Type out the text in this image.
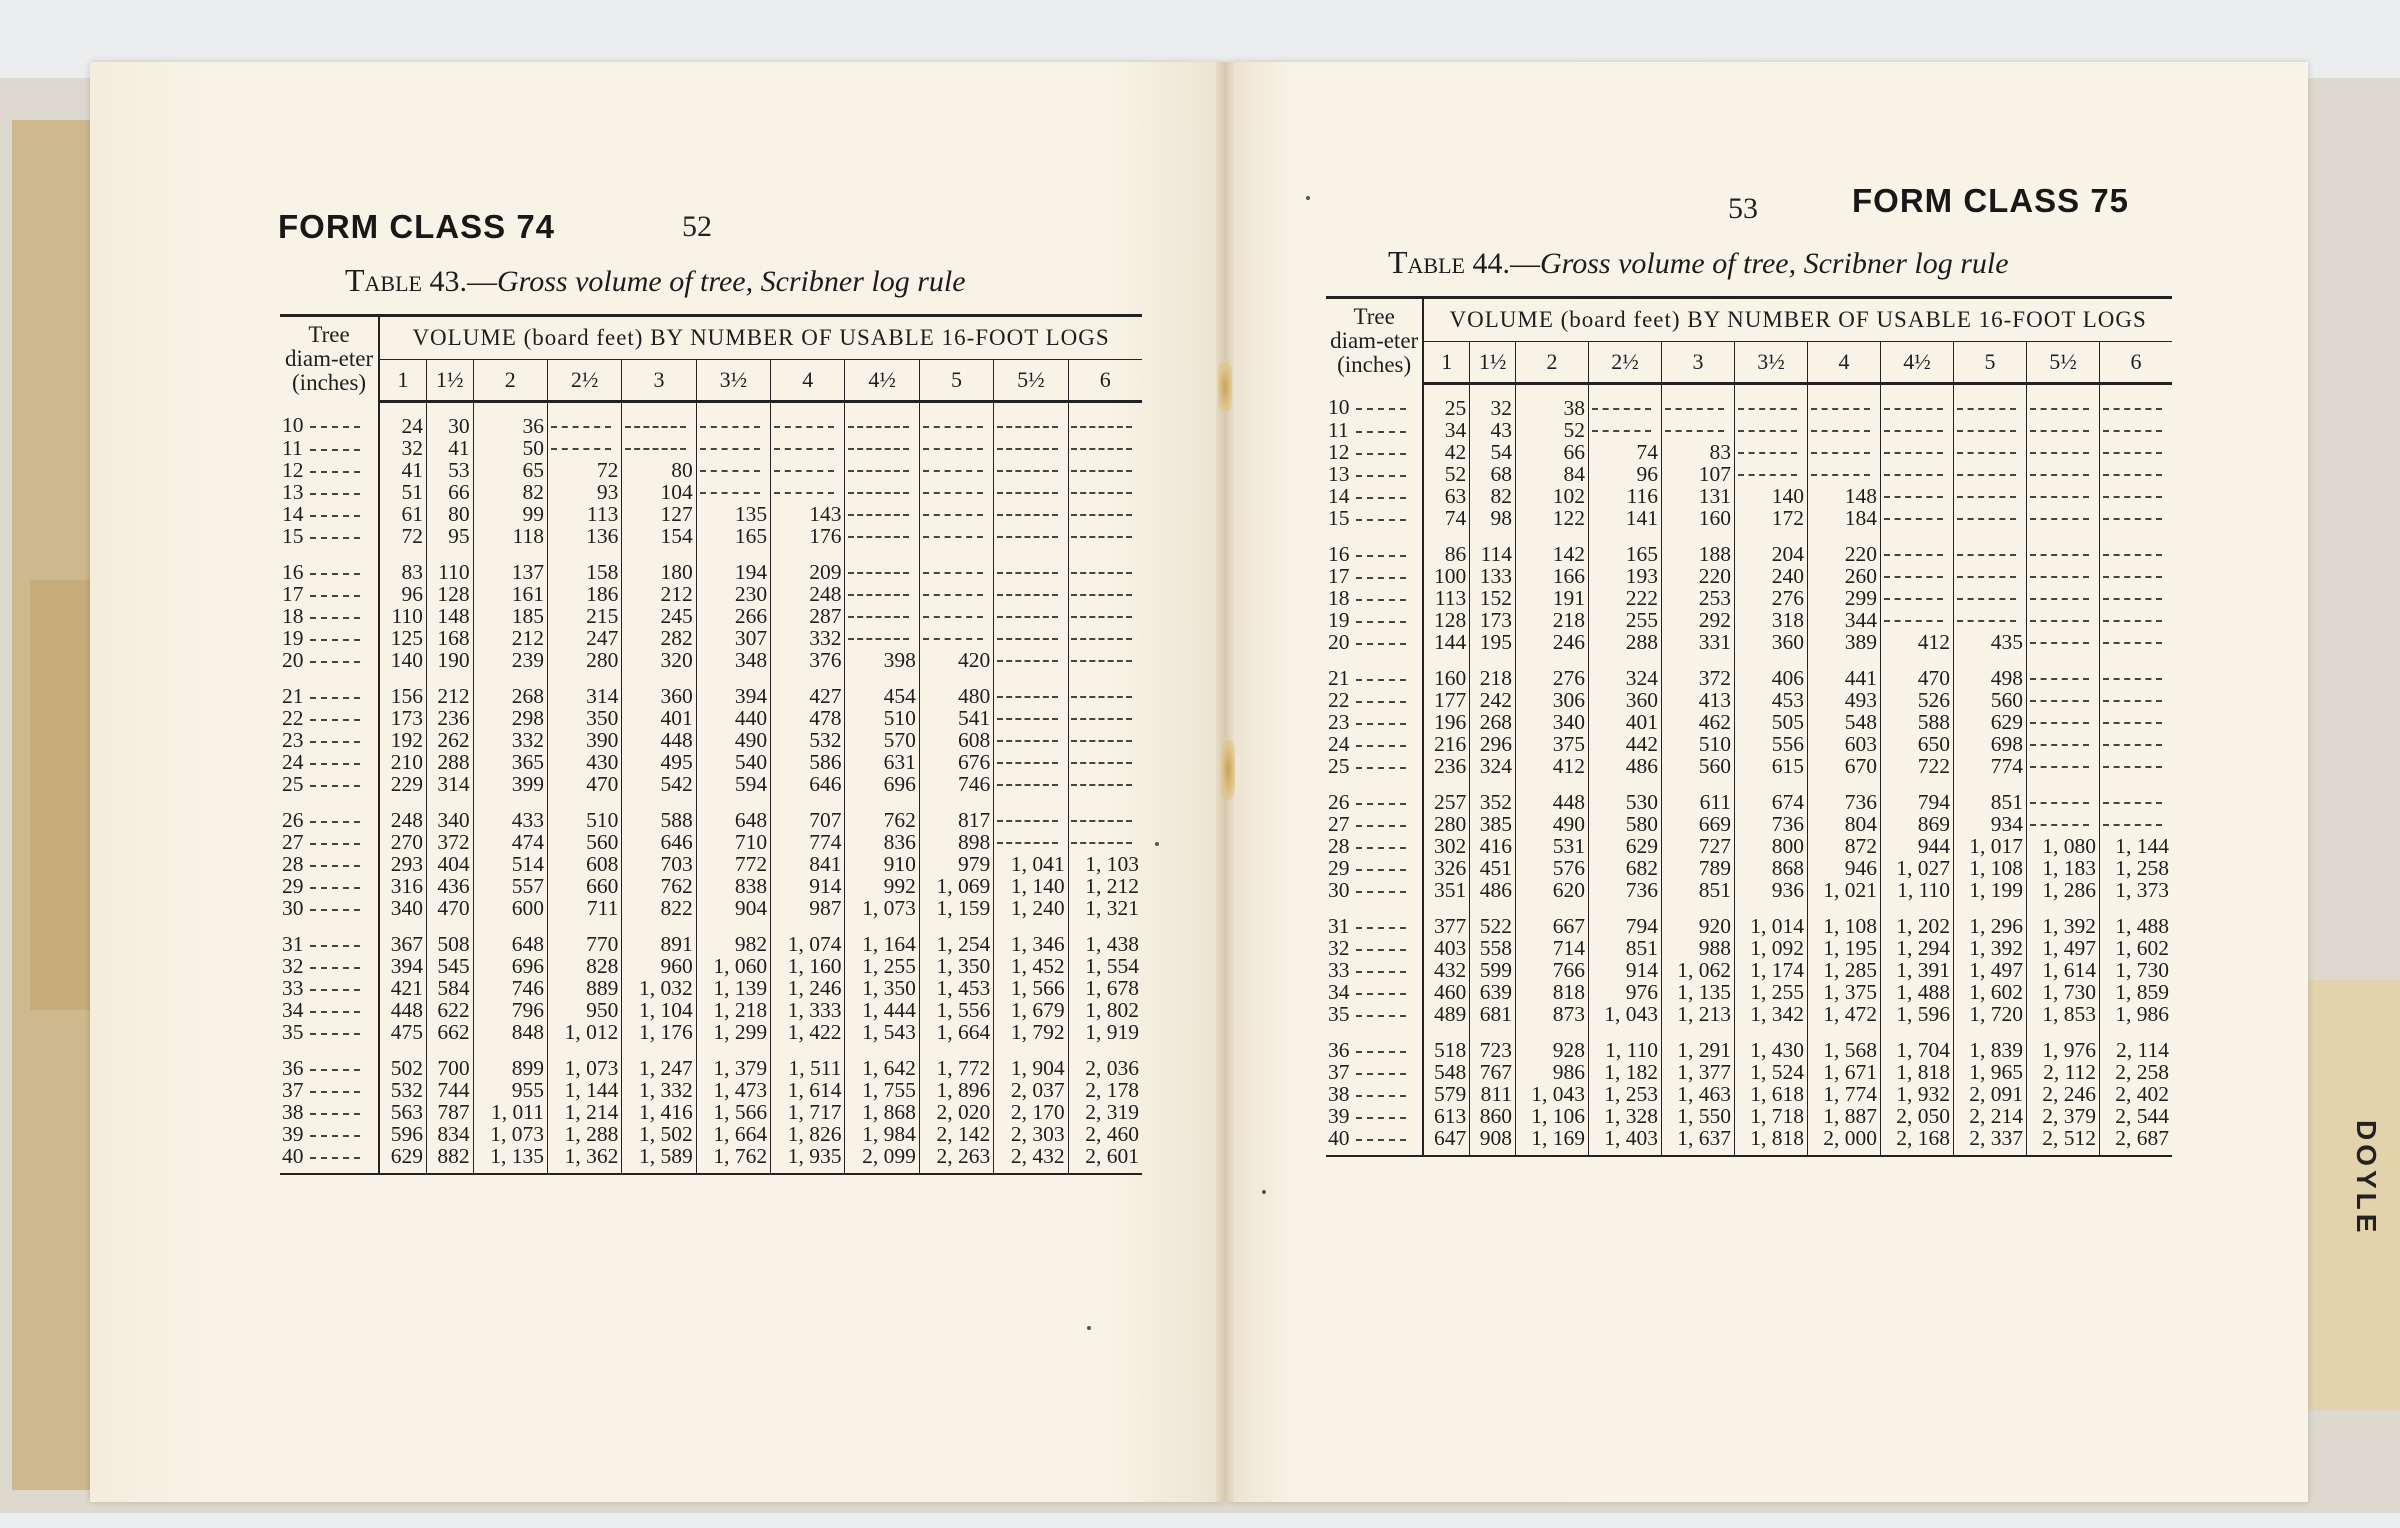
DOYLE
FORM CLASS 74	52
Table 43.—Gross volume of tree, Scribner log rule
Tree diam-eter (inches)	VOLUME (board feet) BY NUMBER OF USABLE 16-FOOT LOGS										
	1	1½	2	2½	3	3½	4	4½	5	5½	6
10	24	30	36								
11	32	41	50								
12	41	53	65	72	80						
13	51	66	82	93	104						
14	61	80	99	113	127	135	143				
15	72	95	118	136	154	165	176				

16	83	110	137	158	180	194	209				
17	96	128	161	186	212	230	248				
18	110	148	185	215	245	266	287				
19	125	168	212	247	282	307	332				
20	140	190	239	280	320	348	376	398	420		

21	156	212	268	314	360	394	427	454	480		
22	173	236	298	350	401	440	478	510	541		
23	192	262	332	390	448	490	532	570	608		
24	210	288	365	430	495	540	586	631	676		
25	229	314	399	470	542	594	646	696	746		

26	248	340	433	510	588	648	707	762	817		
27	270	372	474	560	646	710	774	836	898		
28	293	404	514	608	703	772	841	910	979	1, 041	1, 103
29	316	436	557	660	762	838	914	992	1, 069	1, 140	1, 212
30	340	470	600	711	822	904	987	1, 073	1, 159	1, 240	1, 321

31	367	508	648	770	891	982	1, 074	1, 164	1, 254	1, 346	1, 438
32	394	545	696	828	960	1, 060	1, 160	1, 255	1, 350	1, 452	1, 554
33	421	584	746	889	1, 032	1, 139	1, 246	1, 350	1, 453	1, 566	1, 678
34	448	622	796	950	1, 104	1, 218	1, 333	1, 444	1, 556	1, 679	1, 802
35	475	662	848	1, 012	1, 176	1, 299	1, 422	1, 543	1, 664	1, 792	1, 919

36	502	700	899	1, 073	1, 247	1, 379	1, 511	1, 642	1, 772	1, 904	2, 036
37	532	744	955	1, 144	1, 332	1, 473	1, 614	1, 755	1, 896	2, 037	2, 178
38	563	787	1, 011	1, 214	1, 416	1, 566	1, 717	1, 868	2, 020	2, 170	2, 319
39	596	834	1, 073	1, 288	1, 502	1, 664	1, 826	1, 984	2, 142	2, 303	2, 460
40	629	882	1, 135	1, 362	1, 589	1, 762	1, 935	2, 099	2, 263	2, 432	2, 601
53	FORM CLASS 75
Table 44.—Gross volume of tree, Scribner log rule
Tree diam-eter (inches)	VOLUME (board feet) BY NUMBER OF USABLE 16-FOOT LOGS										
	1	1½	2	2½	3	3½	4	4½	5	5½	6
10	25	32	38								
11	34	43	52								
12	42	54	66	74	83						
13	52	68	84	96	107						
14	63	82	102	116	131	140	148				
15	74	98	122	141	160	172	184				

16	86	114	142	165	188	204	220				
17	100	133	166	193	220	240	260				
18	113	152	191	222	253	276	299				
19	128	173	218	255	292	318	344				
20	144	195	246	288	331	360	389	412	435		

21	160	218	276	324	372	406	441	470	498		
22	177	242	306	360	413	453	493	526	560		
23	196	268	340	401	462	505	548	588	629		
24	216	296	375	442	510	556	603	650	698		
25	236	324	412	486	560	615	670	722	774		

26	257	352	448	530	611	674	736	794	851		
27	280	385	490	580	669	736	804	869	934		
28	302	416	531	629	727	800	872	944	1, 017	1, 080	1, 144
29	326	451	576	682	789	868	946	1, 027	1, 108	1, 183	1, 258
30	351	486	620	736	851	936	1, 021	1, 110	1, 199	1, 286	1, 373

31	377	522	667	794	920	1, 014	1, 108	1, 202	1, 296	1, 392	1, 488
32	403	558	714	851	988	1, 092	1, 195	1, 294	1, 392	1, 497	1, 602
33	432	599	766	914	1, 062	1, 174	1, 285	1, 391	1, 497	1, 614	1, 730
34	460	639	818	976	1, 135	1, 255	1, 375	1, 488	1, 602	1, 730	1, 859
35	489	681	873	1, 043	1, 213	1, 342	1, 472	1, 596	1, 720	1, 853	1, 986

36	518	723	928	1, 110	1, 291	1, 430	1, 568	1, 704	1, 839	1, 976	2, 114
37	548	767	986	1, 182	1, 377	1, 524	1, 671	1, 818	1, 965	2, 112	2, 258
38	579	811	1, 043	1, 253	1, 463	1, 618	1, 774	1, 932	2, 091	2, 246	2, 402
39	613	860	1, 106	1, 328	1, 550	1, 718	1, 887	2, 050	2, 214	2, 379	2, 544
40	647	908	1, 169	1, 403	1, 637	1, 818	2, 000	2, 168	2, 337	2, 512	2, 687
